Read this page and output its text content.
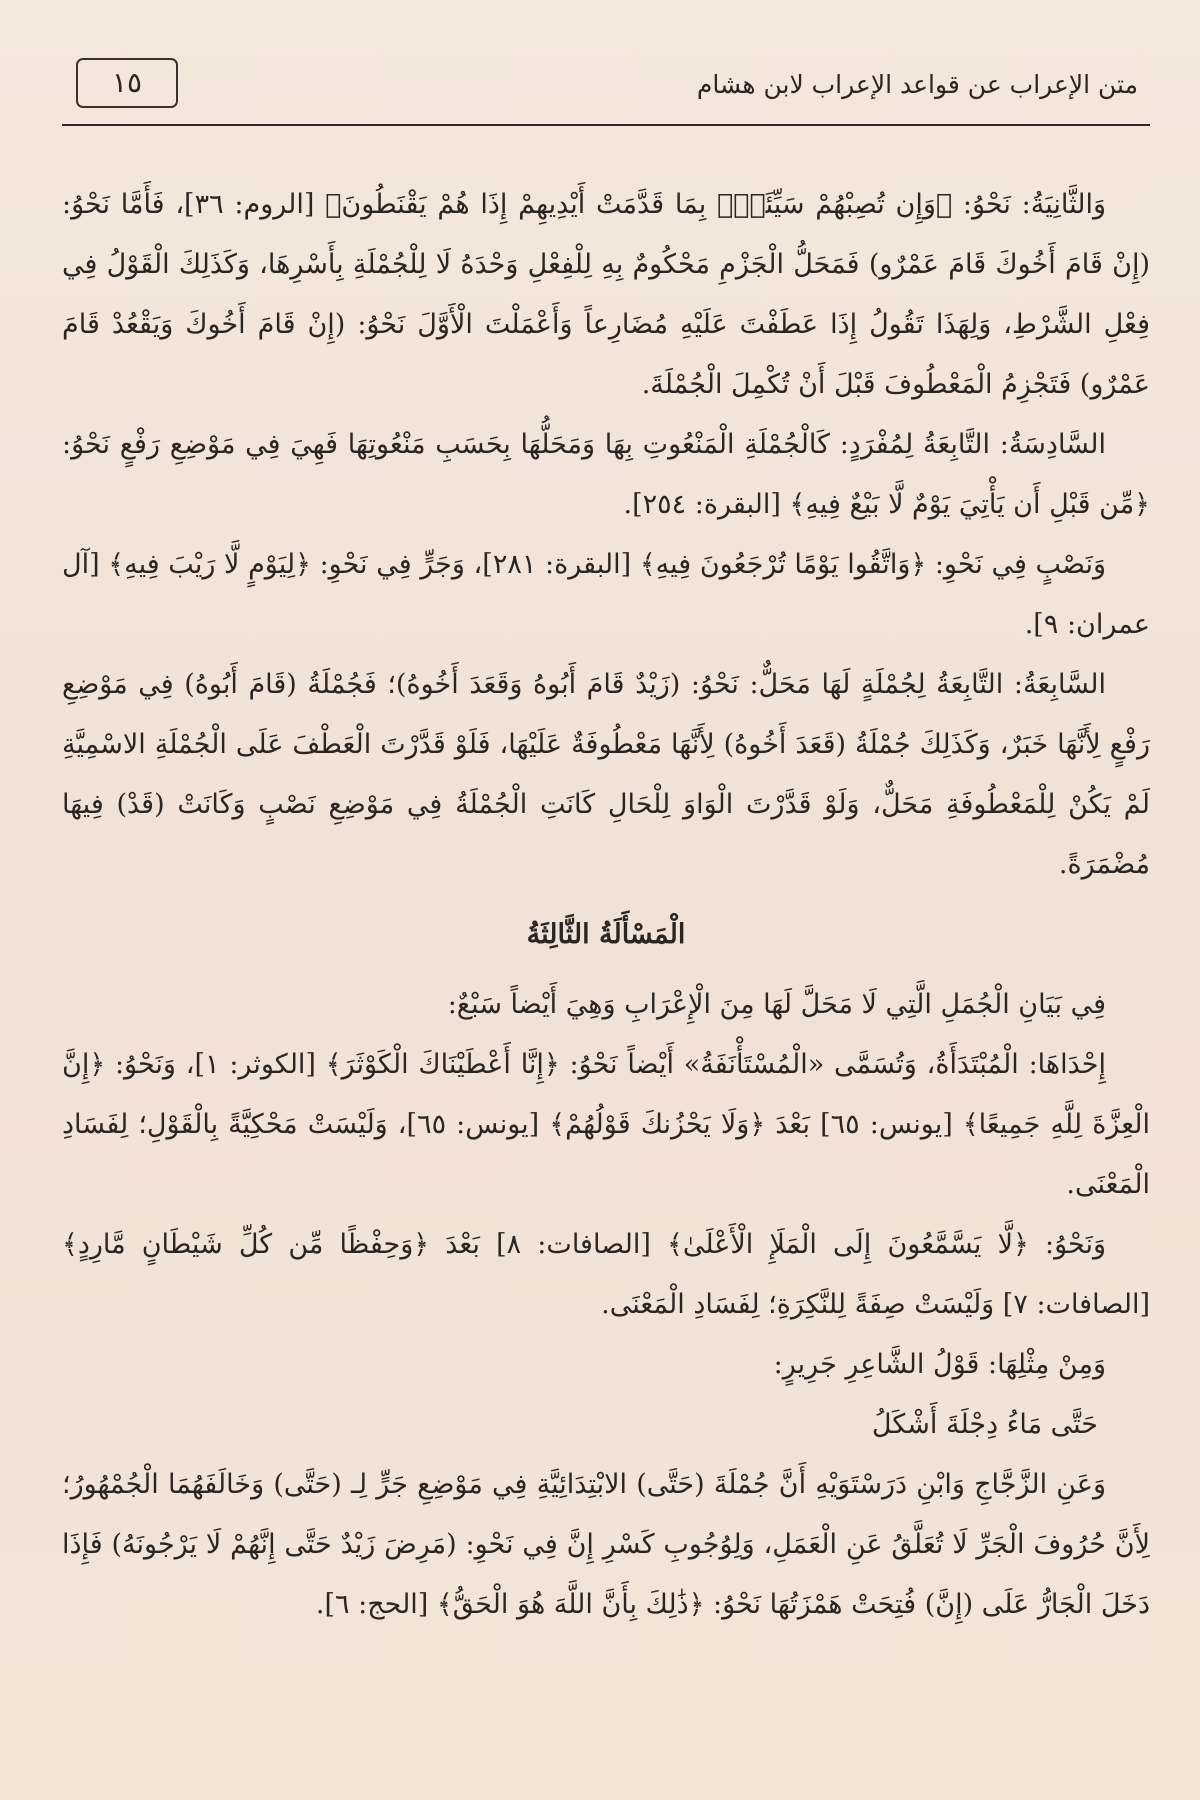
١٥	متن الإعراب عن قواعد الإعراب لابن هشام

وَالثَّانِيَةُ: نَحْوُ: ﴿وَإِن تُصِبْهُمْ سَيِّئَةٌۢ بِمَا قَدَّمَتْ أَيْدِيهِمْ إِذَا هُمْ يَقْنَطُونَ﴾ [الروم: ٣٦]، فَأَمَّا نَحْوُ: (إِنْ قَامَ أَخُوكَ قَامَ عَمْرٌو) فَمَحَلُّ الْجَزْمِ مَحْكُومٌ بِهِ لِلْفِعْلِ وَحْدَهُ لَا لِلْجُمْلَةِ بِأَسْرِهَا، وَكَذَلِكَ الْقَوْلُ فِي فِعْلِ الشَّرْطِ، وَلِهَذَا تَقُولُ إِذَا عَطَفْتَ عَلَيْهِ مُضَارِعاً وَأَعْمَلْتَ الْأَوَّلَ نَحْوُ: (إِنْ قَامَ أَخُوكَ وَيَقْعُدْ قَامَ عَمْرٌو) فَتَجْزِمُ الْمَعْطُوفَ قَبْلَ أَنْ تُكْمِلَ الْجُمْلَةَ.

السَّادِسَةُ: التَّابِعَةُ لِمُفْرَدٍ: كَالْجُمْلَةِ الْمَنْعُوتِ بِهَا وَمَحَلُّهَا بِحَسَبِ مَنْعُوتِهَا فَهِيَ فِي مَوْضِعِ رَفْعٍ نَحْوُ: ﴿مِّن قَبْلِ أَن يَأْتِيَ يَوْمٌ لَّا بَيْعٌ فِيهِ﴾ [البقرة: ٢٥٤].

وَنَصْبٍ فِي نَحْوِ: ﴿وَاتَّقُوا يَوْمًا تُرْجَعُونَ فِيهِ﴾ [البقرة: ٢٨١]، وَجَرٍّ فِي نَحْوِ: ﴿لِيَوْمٍ لَّا رَيْبَ فِيهِ﴾ [آل عمران: ٩].

السَّابِعَةُ: التَّابِعَةُ لِجُمْلَةٍ لَهَا مَحَلٌّ: نَحْوُ: (زَيْدٌ قَامَ أَبُوهُ وَقَعَدَ أَخُوهُ)؛ فَجُمْلَةُ (قَامَ أَبُوهُ) فِي مَوْضِعِ رَفْعٍ لِأَنَّهَا خَبَرٌ، وَكَذَلِكَ جُمْلَةُ (قَعَدَ أَخُوهُ) لِأَنَّهَا مَعْطُوفَةٌ عَلَيْهَا، فَلَوْ قَدَّرْتَ الْعَطْفَ عَلَى الْجُمْلَةِ الاسْمِيَّةِ لَمْ يَكُنْ لِلْمَعْطُوفَةِ مَحَلٌّ، وَلَوْ قَدَّرْتَ الْوَاوَ لِلْحَالِ كَانَتِ الْجُمْلَةُ فِي مَوْضِعِ نَصْبٍ وَكَانَتْ (قَدْ) فِيهَا مُضْمَرَةً.

الْمَسْأَلَةُ الثَّالِثَةُ

فِي بَيَانِ الْجُمَلِ الَّتِي لَا مَحَلَّ لَهَا مِنَ الْإِعْرَابِ وَهِيَ أَيْضاً سَبْعٌ:

إِحْدَاهَا: الْمُبْتَدَأَةُ، وَتُسَمَّى «الْمُسْتَأْنَفَةُ» أَيْضاً نَحْوُ: ﴿إِنَّا أَعْطَيْنَاكَ الْكَوْثَرَ﴾ [الكوثر: ١]، وَنَحْوُ: ﴿إِنَّ الْعِزَّةَ لِلَّهِ جَمِيعًا﴾ [يونس: ٦٥] بَعْدَ ﴿وَلَا يَحْزُنكَ قَوْلُهُمْ﴾ [يونس: ٦٥]، وَلَيْسَتْ مَحْكِيَّةً بِالْقَوْلِ؛ لِفَسَادِ الْمَعْنَى.

وَنَحْوُ: ﴿لَّا يَسَّمَّعُونَ إِلَى الْمَلَإِ الْأَعْلَىٰ﴾ [الصافات: ٨] بَعْدَ ﴿وَحِفْظًا مِّن كُلِّ شَيْطَانٍ مَّارِدٍ﴾ [الصافات: ٧] وَلَيْسَتْ صِفَةً لِلنَّكِرَةِ؛ لِفَسَادِ الْمَعْنَى.

وَمِنْ مِثْلِهَا: قَوْلُ الشَّاعِرِ جَرِيرٍ:

حَتَّى مَاءُ دِجْلَةَ أَشْكَلُ

وَعَنِ الزَّجَّاجِ وَابْنِ دَرَسْتَوَيْهِ أَنَّ جُمْلَةَ (حَتَّى) الابْتِدَائِيَّةِ فِي مَوْضِعِ جَرٍّ لِـ (حَتَّى) وَخَالَفَهُمَا الْجُمْهُورُ؛ لِأَنَّ حُرُوفَ الْجَرِّ لَا تُعَلَّقُ عَنِ الْعَمَلِ، وَلِوُجُوبِ كَسْرِ إِنَّ فِي نَحْوِ: (مَرِضَ زَيْدٌ حَتَّى إِنَّهُمْ لَا يَرْجُونَهُ) فَإِذَا دَخَلَ الْجَارُّ عَلَى (إِنَّ) فُتِحَتْ هَمْزَتُهَا نَحْوُ: ﴿ذَٰلِكَ بِأَنَّ اللَّهَ هُوَ الْحَقُّ﴾ [الحج: ٦].
